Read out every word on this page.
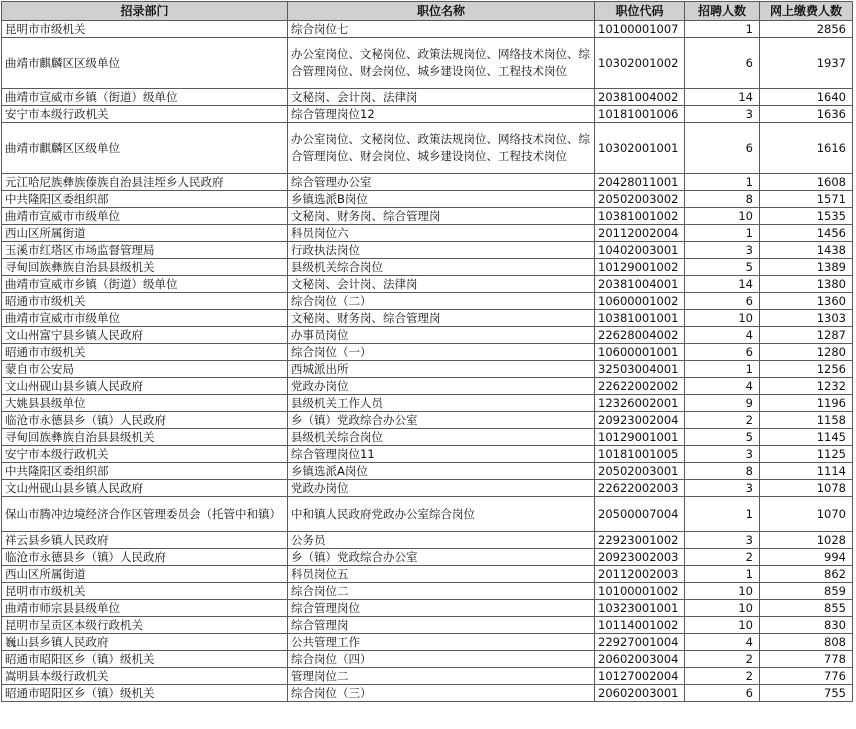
招录部门	职位名称	职位代码	招聘人数	网上缴费人数
昆明市市级机关	综合岗位七	10100001007	1	2856
曲靖市麒麟区区级单位	办公室岗位、文秘岗位、政策法规岗位、网络技术岗位、综合管理岗位、财会岗位、城乡建设岗位、工程技术岗位	10302001002	6	1937
曲靖市宣威市乡镇（街道）级单位	文秘岗、会计岗、法律岗	20381004002	14	1640
安宁市本级行政机关	综合管理岗位12	10181001006	3	1636
曲靖市麒麟区区级单位	办公室岗位、文秘岗位、政策法规岗位、网络技术岗位、综合管理岗位、财会岗位、城乡建设岗位、工程技术岗位	10302001001	6	1616
元江哈尼族彝族傣族自治县洼垤乡人民政府	综合管理办公室	20428011001	1	1608
中共隆阳区委组织部	乡镇选派B岗位	20502003002	8	1571
曲靖市宣威市市级单位	文秘岗、财务岗、综合管理岗	10381001002	10	1535
西山区所属街道	科员岗位六	20112002004	1	1456
玉溪市红塔区市场监督管理局	行政执法岗位	10402003001	3	1438
寻甸回族彝族自治县县级机关	县级机关综合岗位	10129001002	5	1389
曲靖市宣威市乡镇（街道）级单位	文秘岗、会计岗、法律岗	20381004001	14	1380
昭通市市级机关	综合岗位（二）	10600001002	6	1360
曲靖市宣威市市级单位	文秘岗、财务岗、综合管理岗	10381001001	10	1303
文山州富宁县乡镇人民政府	办事员岗位	22628004002	4	1287
昭通市市级机关	综合岗位（一）	10600001001	6	1280
蒙自市公安局	西城派出所	32503004001	1	1256
文山州砚山县乡镇人民政府	党政办岗位	22622002002	4	1232
大姚县县级单位	县级机关工作人员	12326002001	9	1196
临沧市永德县乡（镇）人民政府	乡（镇）党政综合办公室	20923002004	2	1158
寻甸回族彝族自治县县级机关	县级机关综合岗位	10129001001	5	1145
安宁市本级行政机关	综合管理岗位11	10181001005	3	1125
中共隆阳区委组织部	乡镇选派A岗位	20502003001	8	1114
文山州砚山县乡镇人民政府	党政办岗位	22622002003	3	1078
保山市腾冲边境经济合作区管理委员会（托管中和镇）	中和镇人民政府党政办公室综合岗位	20500007004	1	1070
祥云县乡镇人民政府	公务员	22923001002	3	1028
临沧市永德县乡（镇）人民政府	乡（镇）党政综合办公室	20923002003	2	994
西山区所属街道	科员岗位五	20112002003	1	862
昆明市市级机关	综合岗位二	10100001002	10	859
曲靖市师宗县县级单位	综合管理岗位	10323001001	10	855
昆明市呈贡区本级行政机关	综合管理岗	10114001002	10	830
巍山县乡镇人民政府	公共管理工作	22927001004	4	808
昭通市昭阳区乡（镇）级机关	综合岗位（四）	20602003004	2	778
嵩明县本级行政机关	管理岗位二	10127002004	2	776
昭通市昭阳区乡（镇）级机关	综合岗位（三）	20602003001	6	755
